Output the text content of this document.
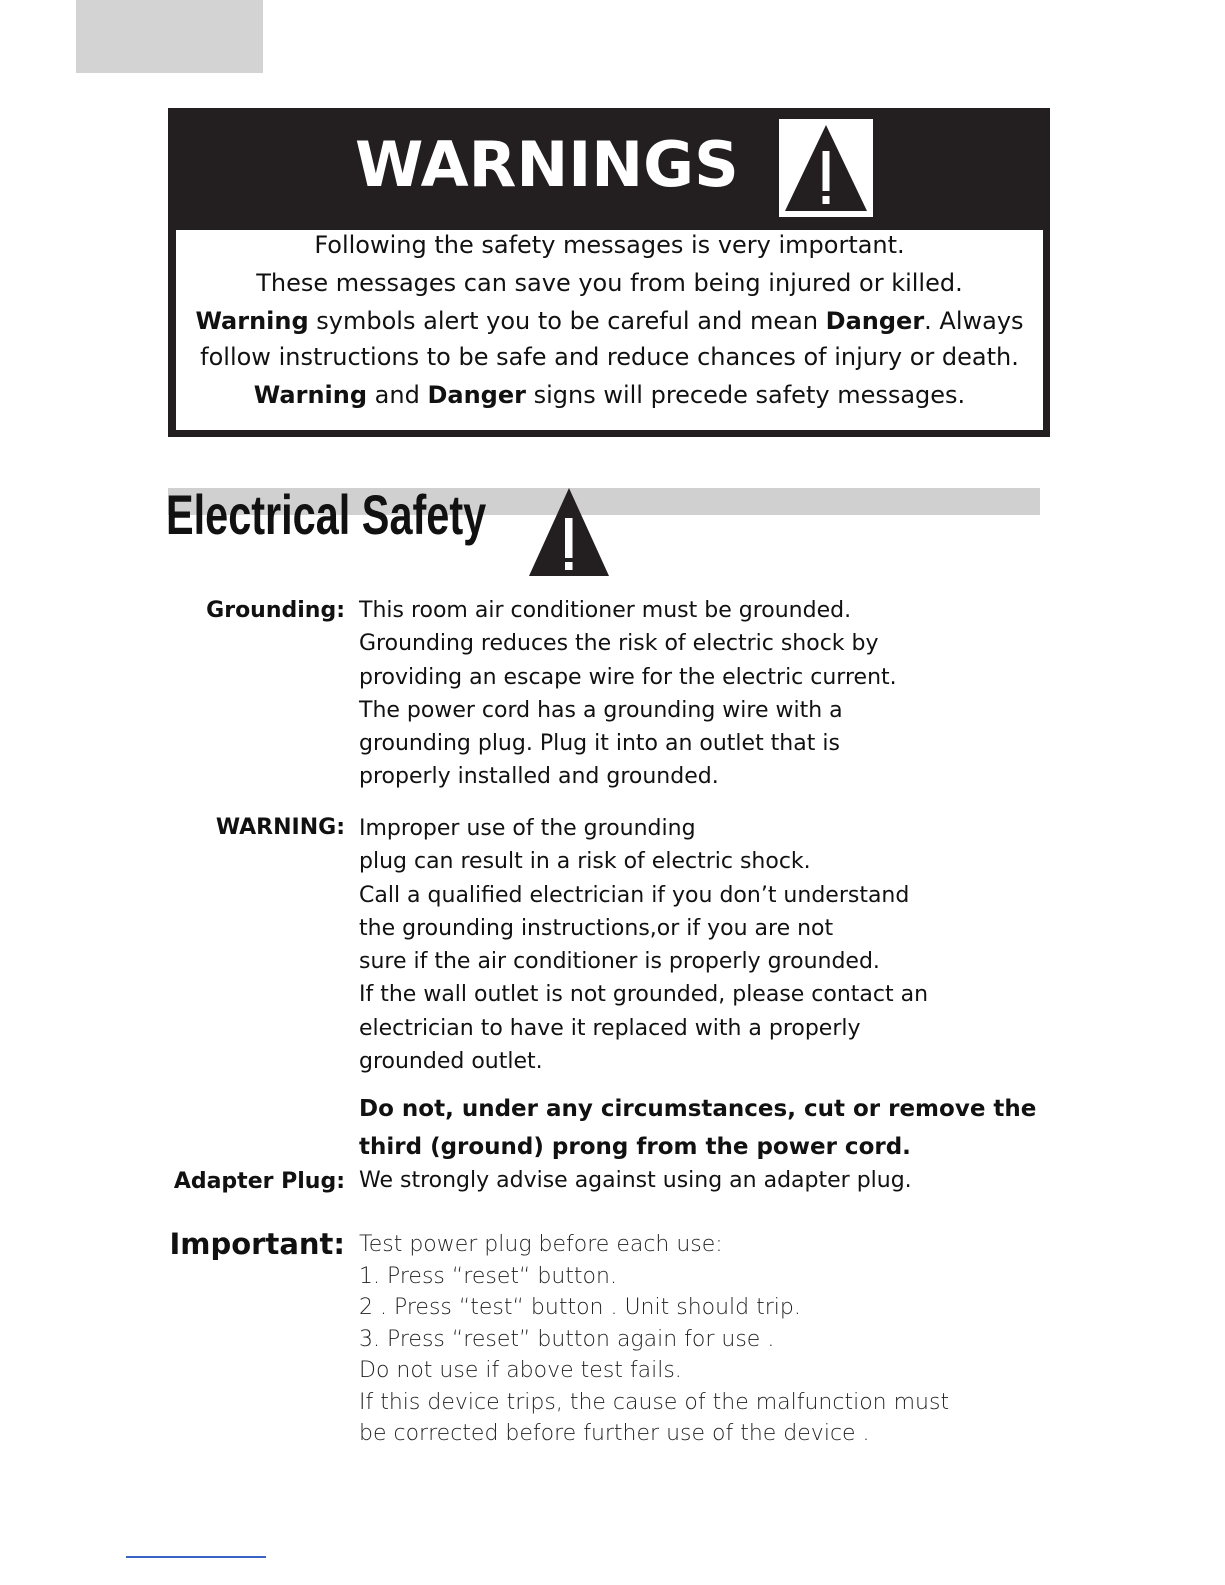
WARNINGS
Following the safety messages is very important.
These messages can save you from being injured or killed.
Warning symbols alert you to be careful and mean Danger. Always
follow instructions to be safe and reduce chances of injury or death.
Warning and Danger signs will precede safety messages.
Electrical Safety
Grounding: This room air conditioner must be grounded.
Grounding reduces the risk of electric shock by
providing an escape wire for the electric current.
The power cord has a grounding wire with a
grounding plug. Plug it into an outlet that is
properly installed and grounded.
WARNING: Improper use of the grounding
plug can result in a risk of electric shock.
Call a qualified electrician if you don’t understand
the grounding instructions,or if you are not
sure if the air conditioner is properly grounded.
If the wall outlet is not grounded, please contact an
electrician to have it replaced with a properly
grounded outlet.
Do not, under any circumstances, cut or remove the
third (ground) prong from the power cord.
Adapter Plug: We strongly advise against using an adapter plug.
Important: Test power plug before each use:
1. Press “reset“ button.
2 . Press “test“ button . Unit should trip.
3. Press “reset” button again for use .
Do not use if above test fails.
If this device trips, the cause of the malfunction must
be corrected before further use of the device .
